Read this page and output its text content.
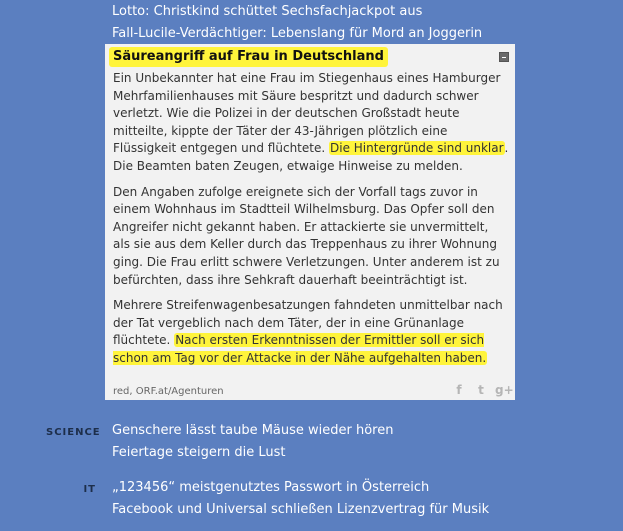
Lotto: Christkind schüttet Sechsfachjackpot aus
Fall-Lucile-Verdächtiger: Lebenslang für Mord an Joggerin
Säureangriff auf Frau in Deutschland

Ein Unbekannter hat eine Frau im Stiegenhaus eines Hamburger Mehrfamilienhauses mit Säure bespritzt und dadurch schwer verletzt. Wie die Polizei in der deutschen Großstadt heute mitteilte, kippte der Täter der 43-Jährigen plötzlich eine Flüssigkeit entgegen und flüchtete. Die Hintergründe sind unklar. Die Beamten baten Zeugen, etwaige Hinweise zu melden.

Den Angaben zufolge ereignete sich der Vorfall tags zuvor in einem Wohnhaus im Stadtteil Wilhelmsburg. Das Opfer soll den Angreifer nicht gekannt haben. Er attackierte sie unvermittelt, als sie aus dem Keller durch das Treppenhaus zu ihrer Wohnung ging. Die Frau erlitt schwere Verletzungen. Unter anderem ist zu befürchten, dass ihre Sehkraft dauerhaft beeinträchtigt ist.

Mehrere Streifenwagenbesatzungen fahndeten unmittelbar nach der Tat vergeblich nach dem Täter, der in eine Grünanlage flüchtete. Nach ersten Erkenntnissen der Ermittler soll er sich schon am Tag vor der Attacke in der Nähe aufgehalten haben.

red, ORF.at/Agenturen	f	t g+
SCIENCE Genschere lässt taube Mäuse wieder hören
Feiertage steigern die Lust
IT „123456“ meistgenutztes Passwort in Österreich
Facebook und Universal schließen Lizenzvertrag für Musik
